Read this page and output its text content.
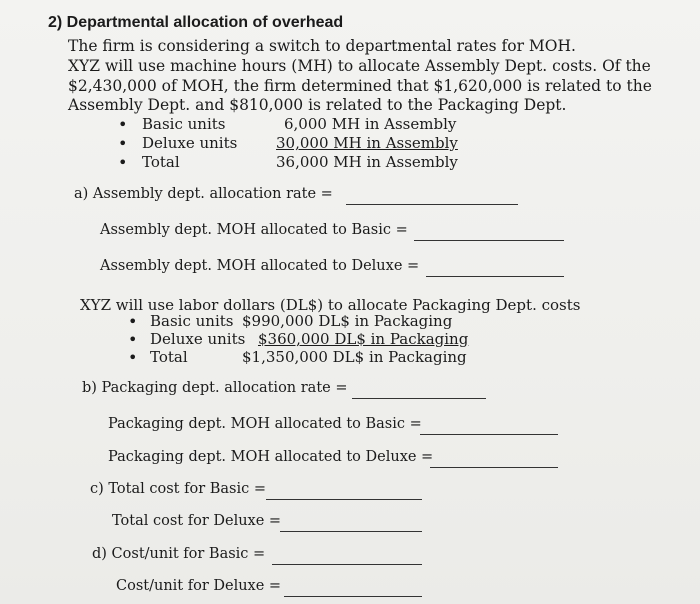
2) Departmental allocation of overhead
The firm is considering a switch to departmental rates for MOH.
XYZ will use machine hours (MH) to allocate Assembly Dept. costs. Of the
$2,430,000 of MOH, the firm determined that $1,620,000 is related to the
Assembly Dept. and $810,000 is related to the Packaging Dept.
• Basic units	6,000 MH in Assembly
• Deluxe units	30,000 MH in Assembly
• Total	36,000 MH in Assembly
a) Assembly dept. allocation rate =
Assembly dept. MOH allocated to Basic =
Assembly dept. MOH allocated to Deluxe =
XYZ will use labor dollars (DL$) to allocate Packaging Dept. costs
• Basic units $990,000 DL$ in Packaging
• Deluxe units $360,000 DL$ in Packaging
• Total	$1,350,000 DL$ in Packaging
b) Packaging dept. allocation rate =
Packaging dept. MOH allocated to Basic =
Packaging dept. MOH allocated to Deluxe =
c) Total cost for Basic =
Total cost for Deluxe =
d) Cost/unit for Basic =
Cost/unit for Deluxe =
